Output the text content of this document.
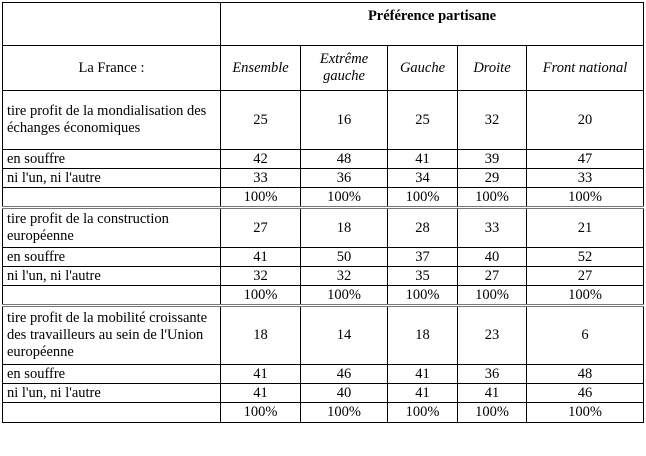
	Préférence partisane				
La France :	Ensemble	Extrême gauche	Gauche	Droite	Front national
tire profit de la mondialisation des échanges économiques	25	16	25	32	20
en souffre	42	48	41	39	47
ni l'un, ni l'autre	33	36	34	29	33
	100%	100%	100%	100%	100%
tire profit de la construction européenne	27	18	28	33	21
en souffre	41	50	37	40	52
ni l'un, ni l'autre	32	32	35	27	27
	100%	100%	100%	100%	100%
tire profit de la mobilité croissante des travailleurs au sein de l'Union européenne	18	14	18	23	6
en souffre	41	46	41	36	48
ni l'un, ni l'autre	41	40	41	41	46
	100%	100%	100%	100%	100%
